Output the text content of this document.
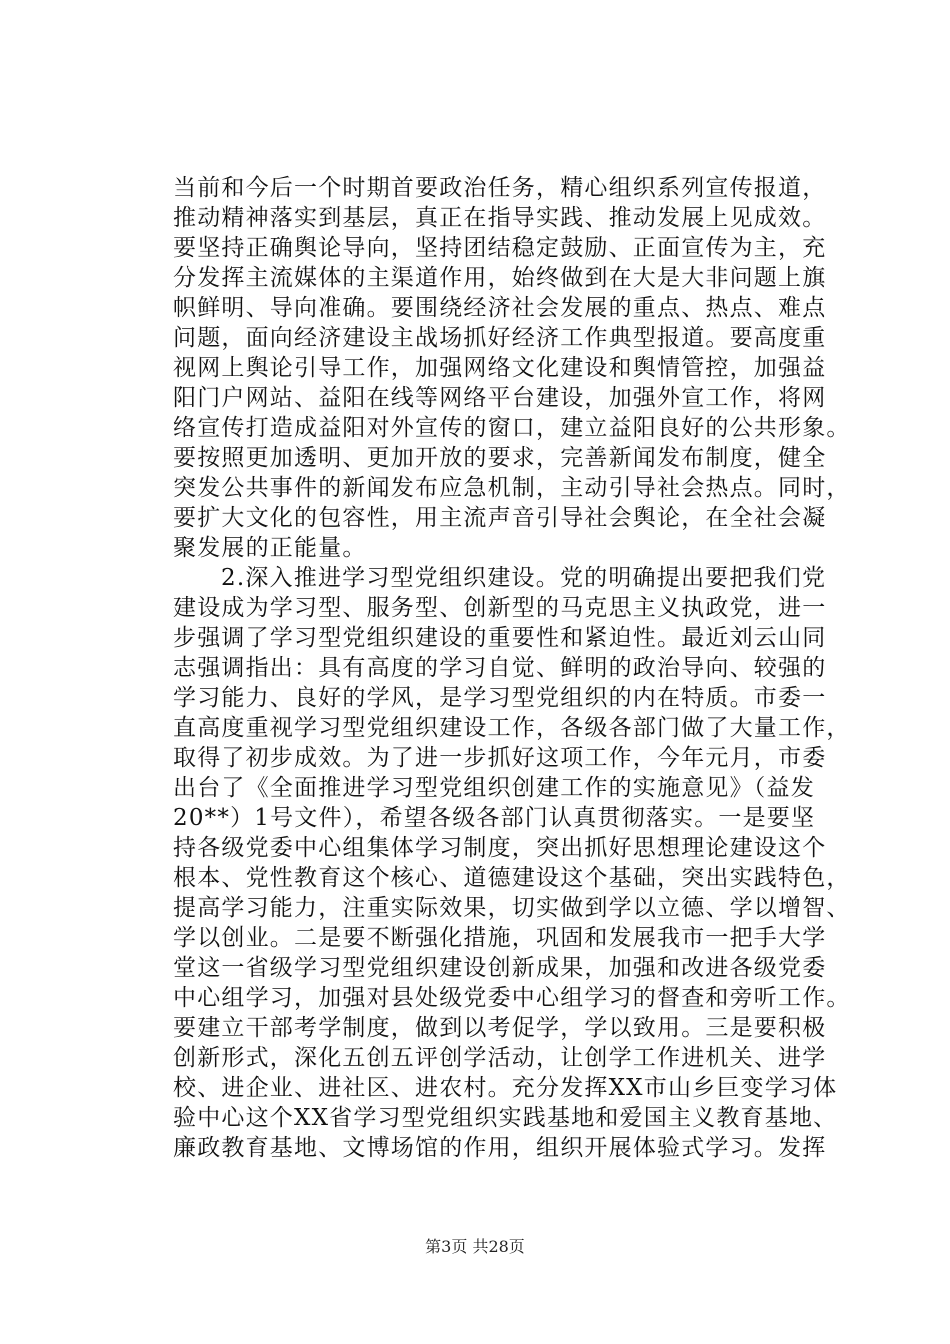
当前和今后一个时期首要政治任务，精心组织系列宣传报道，
推动精神落实到基层，真正在指导实践、推动发展上见成效。
要坚持正确舆论导向，坚持团结稳定鼓励、正面宣传为主，充
分发挥主流媒体的主渠道作用，始终做到在大是大非问题上旗
帜鲜明、导向准确。要围绕经济社会发展的重点、热点、难点
问题，面向经济建设主战场抓好经济工作典型报道。要高度重
视网上舆论引导工作，加强网络文化建设和舆情管控，加强益
阳门户网站、益阳在线等网络平台建设，加强外宣工作，将网
络宣传打造成益阳对外宣传的窗口，建立益阳良好的公共形象。
要按照更加透明、更加开放的要求，完善新闻发布制度，健全
突发公共事件的新闻发布应急机制，主动引导社会热点。同时，
要扩大文化的包容性，用主流声音引导社会舆论，在全社会凝
聚发展的正能量。
2.深入推进学习型党组织建设。党的明确提出要把我们党
建设成为学习型、服务型、创新型的马克思主义执政党，进一
步强调了学习型党组织建设的重要性和紧迫性。最近刘云山同
志强调指出：具有高度的学习自觉、鲜明的政治导向、较强的
学习能力、良好的学风，是学习型党组织的内在特质。市委一
直高度重视学习型党组织建设工作，各级各部门做了大量工作，
取得了初步成效。为了进一步抓好这项工作，今年元月，市委
出台了《全面推进学习型党组织创建工作的实施意见》（益发
20**）1号文件），希望各级各部门认真贯彻落实。一是要坚
持各级党委中心组集体学习制度，突出抓好思想理论建设这个
根本、党性教育这个核心、道德建设这个基础，突出实践特色，
提高学习能力，注重实际效果，切实做到学以立德、学以增智、
学以创业。二是要不断强化措施，巩固和发展我市一把手大学
堂这一省级学习型党组织建设创新成果，加强和改进各级党委
中心组学习，加强对县处级党委中心组学习的督查和旁听工作。
要建立干部考学制度，做到以考促学，学以致用。三是要积极
创新形式，深化五创五评创学活动，让创学工作进机关、进学
校、进企业、进社区、进农村。充分发挥XX市山乡巨变学习体
验中心这个XX省学习型党组织实践基地和爱国主义教育基地、
廉政教育基地、文博场馆的作用，组织开展体验式学习。发挥
第3页 共28页
